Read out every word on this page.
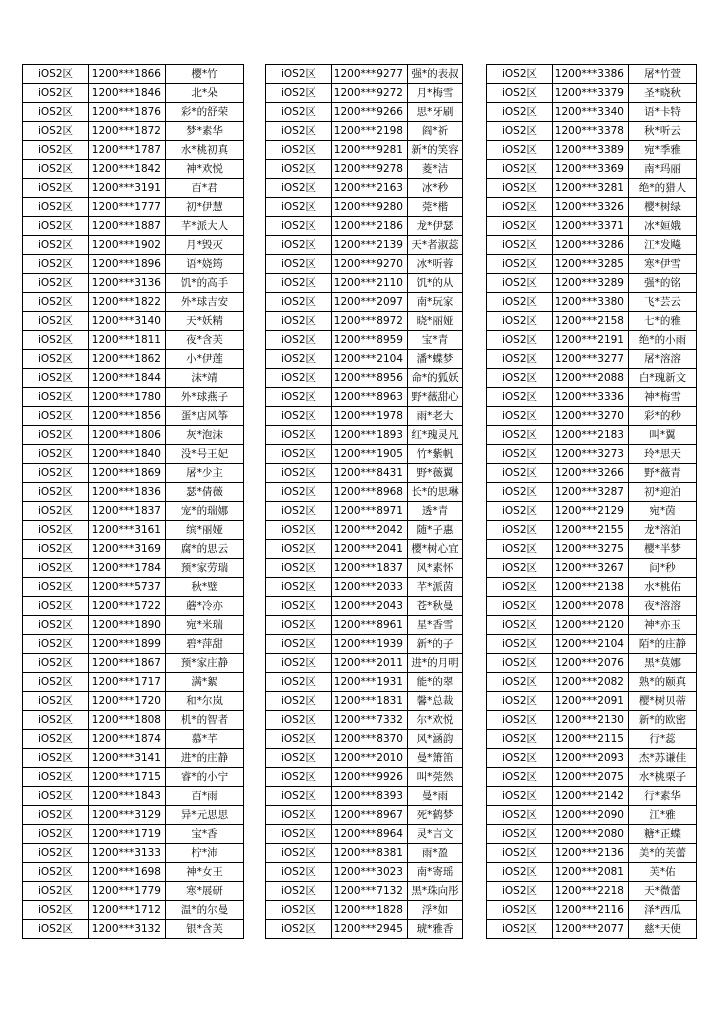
iOS2区	1200***1866	樱*竹
iOS2区	1200***1846	北*朵
iOS2区	1200***1876	彩*的舒荣
iOS2区	1200***1872	梦*素华
iOS2区	1200***1787	水*桃初真
iOS2区	1200***1842	神*欢悦
iOS2区	1200***3191	百*君
iOS2区	1200***1777	初*伊慧
iOS2区	1200***1887	芊*派大人
iOS2区	1200***1902	月*毁灭
iOS2区	1200***1896	语*娆筠
iOS2区	1200***3136	饥*的高手
iOS2区	1200***1822	外*球吉安
iOS2区	1200***3140	天*妖精
iOS2区	1200***1811	夜*含芙
iOS2区	1200***1862	小*伊莲
iOS2区	1200***1844	沫*靖
iOS2区	1200***1780	外*球燕子
iOS2区	1200***1856	蛋*店风筝
iOS2区	1200***1806	灰*泡沫
iOS2区	1200***1840	没*号王妃
iOS2区	1200***1869	屠*少主
iOS2区	1200***1836	瑟*倩薇
iOS2区	1200***1837	宠*的瑞娜
iOS2区	1200***3161	缤*丽娅
iOS2区	1200***3169	腐*的思云
iOS2区	1200***1784	预*家劳瑞
iOS2区	1200***5737	秋*璧
iOS2区	1200***1722	蘑*冷亦
iOS2区	1200***1890	宛*米瑞
iOS2区	1200***1899	碧*萍甜
iOS2区	1200***1867	预*家庄静
iOS2区	1200***1717	满*絮
iOS2区	1200***1720	和*尔岚
iOS2区	1200***1808	机*的智者
iOS2区	1200***1874	慕*芊
iOS2区	1200***3141	进*的庄静
iOS2区	1200***1715	睿*的小宁
iOS2区	1200***1843	百*雨
iOS2区	1200***3129	异*元思思
iOS2区	1200***1719	宝*香
iOS2区	1200***3133	柠*沛
iOS2区	1200***1698	神*女王
iOS2区	1200***1779	寒*展研
iOS2区	1200***1712	温*的尔曼
iOS2区	1200***3132	银*含芙
iOS2区	1200***9277	强*的表叔
iOS2区	1200***9272	月*梅雪
iOS2区	1200***9266	思*牙刷
iOS2区	1200***2198	阎*祈
iOS2区	1200***9281	新*的笑容
iOS2区	1200***9278	菱*洁
iOS2区	1200***2163	冰*秒
iOS2区	1200***9280	莞*楷
iOS2区	1200***2186	龙*伊瑟
iOS2区	1200***2139	天*者淑蕊
iOS2区	1200***9270	冰*听蓉
iOS2区	1200***2110	饥*的从
iOS2区	1200***2097	南*玩家
iOS2区	1200***8972	晓*丽娅
iOS2区	1200***8959	宝*青
iOS2区	1200***2104	潘*蝶梦
iOS2区	1200***8956	命*的狐妖
iOS2区	1200***8963	野*薇甜心
iOS2区	1200***1978	雨*老大
iOS2区	1200***1893	红*瑰灵凡
iOS2区	1200***1905	竹*紫帆
iOS2区	1200***8431	野*薇翼
iOS2区	1200***8968	长*的思琳
iOS2区	1200***8971	透*青
iOS2区	1200***2042	随*子惠
iOS2区	1200***2041	樱*树心宜
iOS2区	1200***1837	风*素怀
iOS2区	1200***2033	芊*派茵
iOS2区	1200***2043	苍*秋曼
iOS2区	1200***8961	星*香雪
iOS2区	1200***1939	新*的子
iOS2区	1200***2011	进*的月明
iOS2区	1200***1931	能*的翠
iOS2区	1200***1831	馨*总裁
iOS2区	1200***7332	尔*欢悦
iOS2区	1200***8370	风*涵韵
iOS2区	1200***2010	曼*箫笛
iOS2区	1200***9926	叫*莞然
iOS2区	1200***8393	曼*雨
iOS2区	1200***8967	死*鹤梦
iOS2区	1200***8964	灵*言文
iOS2区	1200***8381	雨*盈
iOS2区	1200***3023	南*寄瑶
iOS2区	1200***7132	黑*珠向彤
iOS2区	1200***1828	浮*如
iOS2区	1200***2945	琥*雅香
iOS2区	1200***3386	屠*竹萱
iOS2区	1200***3379	圣*晓秋
iOS2区	1200***3340	语*卡特
iOS2区	1200***3378	秋*听云
iOS2区	1200***3389	宛*季雅
iOS2区	1200***3369	南*玛丽
iOS2区	1200***3281	绝*的猎人
iOS2区	1200***3326	樱*树绿
iOS2区	1200***3371	冰*姮娥
iOS2区	1200***3286	江*发飚
iOS2区	1200***3285	寒*伊雪
iOS2区	1200***3289	强*的铭
iOS2区	1200***3380	飞*芸云
iOS2区	1200***2158	七*的雅
iOS2区	1200***2191	绝*的小雨
iOS2区	1200***3277	屠*溶溶
iOS2区	1200***2088	白*瑰新文
iOS2区	1200***3336	神*梅雪
iOS2区	1200***3270	彩*的秒
iOS2区	1200***2183	叫*翼
iOS2区	1200***3273	玲*思天
iOS2区	1200***3266	野*薇青
iOS2区	1200***3287	初*迎泊
iOS2区	1200***2129	宛*茵
iOS2区	1200***2155	龙*溶泊
iOS2区	1200***3275	樱*半梦
iOS2区	1200***3267	问*秒
iOS2区	1200***2138	水*桃佑
iOS2区	1200***2078	夜*溶溶
iOS2区	1200***2120	神*亦玉
iOS2区	1200***2104	陌*的庄静
iOS2区	1200***2076	黑*莫娜
iOS2区	1200***2082	熟*的颐真
iOS2区	1200***2091	樱*树贝蒂
iOS2区	1200***2130	新*的欧密
iOS2区	1200***2115	行*蕊
iOS2区	1200***2093	杰*苏谦佳
iOS2区	1200***2075	水*桃栗子
iOS2区	1200***2142	行*素华
iOS2区	1200***2090	江*雅
iOS2区	1200***2080	糖*正蝶
iOS2区	1200***2136	美*的芙蕾
iOS2区	1200***2081	芙*佑
iOS2区	1200***2218	天*微蕾
iOS2区	1200***2116	泽*西瓜
iOS2区	1200***2077	慈*天使
